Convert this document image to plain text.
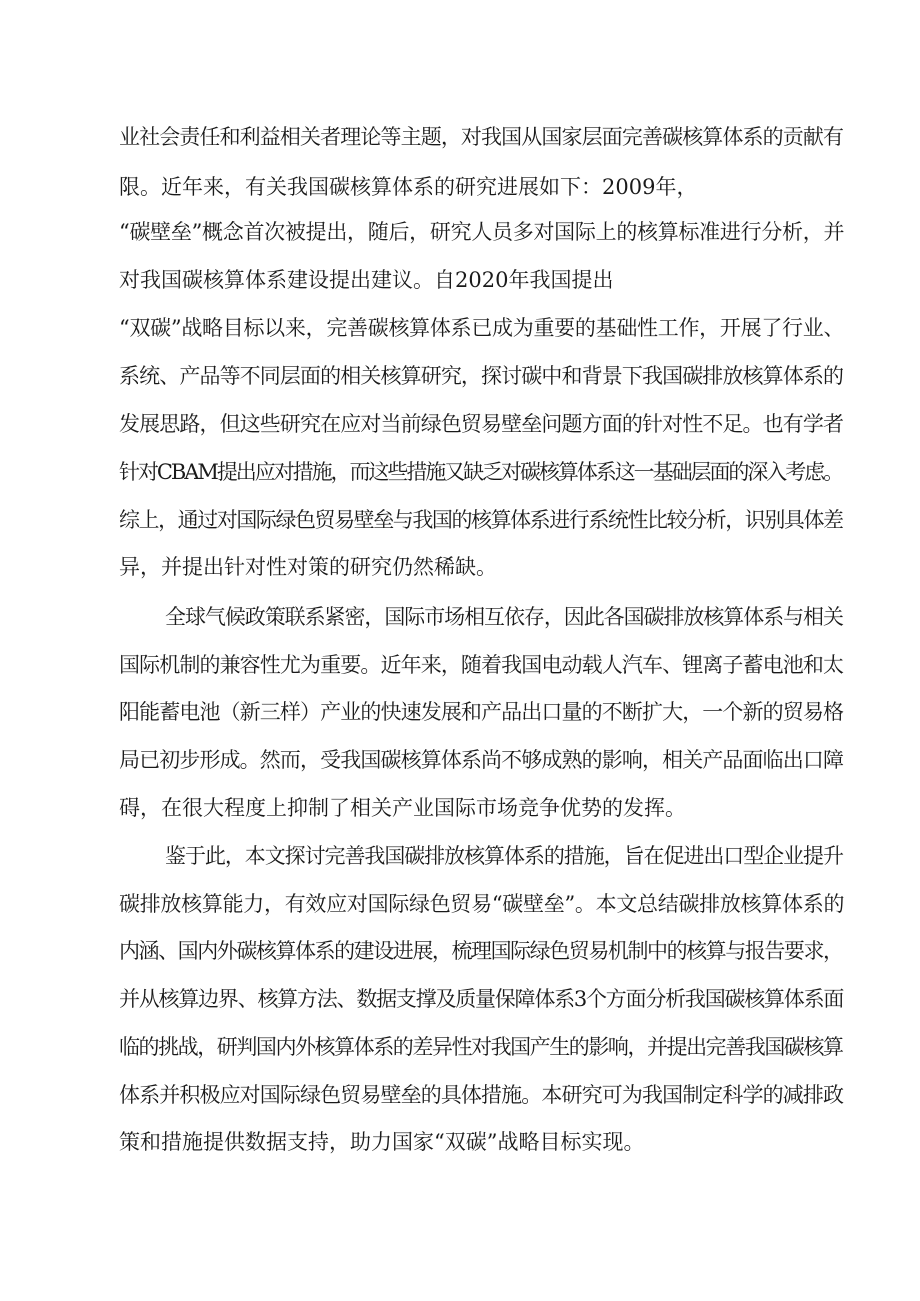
业社会责任和利益相关者理论等主题，对我国从国家层面完善碳核算体系的贡献有
限。近年来，有关我国碳核算体系的研究进展如下：2009年，
“碳壁垒”概念首次被提出，随后，研究人员多对国际上的核算标准进行分析，并
对我国碳核算体系建设提出建议。自2020年我国提出
“双碳”战略目标以来，完善碳核算体系已成为重要的基础性工作，开展了行业、
系统、产品等不同层面的相关核算研究，探讨碳中和背景下我国碳排放核算体系的
发展思路，但这些研究在应对当前绿色贸易壁垒问题方面的针对性不足。也有学者
针对CBAM提出应对措施，而这些措施又缺乏对碳核算体系这一基础层面的深入考虑。
综上，通过对国际绿色贸易壁垒与我国的核算体系进行系统性比较分析，识别具体差
异，并提出针对性对策的研究仍然稀缺。
全球气候政策联系紧密，国际市场相互依存，因此各国碳排放核算体系与相关
国际机制的兼容性尤为重要。近年来，随着我国电动载人汽车、锂离子蓄电池和太
阳能蓄电池（新三样）产业的快速发展和产品出口量的不断扩大，一个新的贸易格
局已初步形成。然而，受我国碳核算体系尚不够成熟的影响，相关产品面临出口障
碍，在很大程度上抑制了相关产业国际市场竞争优势的发挥。
鉴于此，本文探讨完善我国碳排放核算体系的措施，旨在促进出口型企业提升
碳排放核算能力，有效应对国际绿色贸易“碳壁垒”。本文总结碳排放核算体系的
内涵、国内外碳核算体系的建设进展，梳理国际绿色贸易机制中的核算与报告要求，
并从核算边界、核算方法、数据支撑及质量保障体系3个方面分析我国碳核算体系面
临的挑战，研判国内外核算体系的差异性对我国产生的影响，并提出完善我国碳核算
体系并积极应对国际绿色贸易壁垒的具体措施。本研究可为我国制定科学的减排政
策和措施提供数据支持，助力国家“双碳”战略目标实现。
